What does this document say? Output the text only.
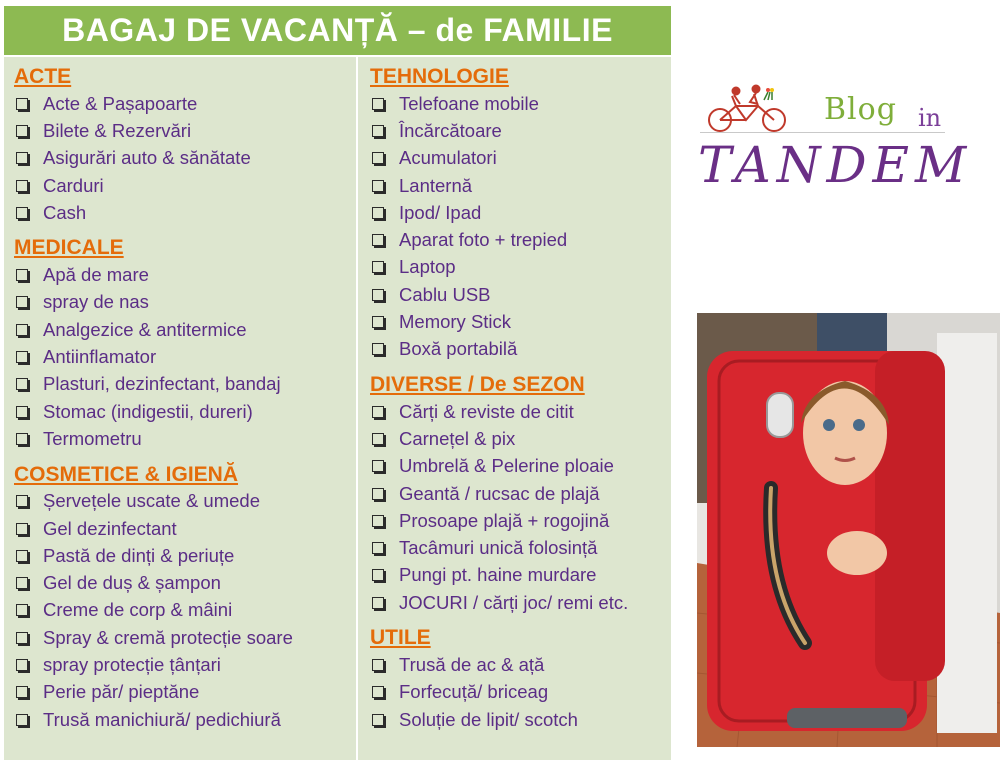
BAGAJ DE VACANȚĂ – de FAMILIE
ACTE
Acte & Pașapoarte
Bilete & Rezervări
Asigurări auto & sănătate
Carduri
Cash
MEDICALE
Apă de mare
spray de nas
Analgezice & antitermice
Antiinflamator
Plasturi, dezinfectant, bandaj
Stomac (indigestii, dureri)
Termometru
COSMETICE & IGIENĂ
Șervețele uscate & umede
Gel dezinfectant
Pastă de dinți & periuțe
Gel de duș & șampon
Creme de corp & mâini
Spray & cremă protecție soare
spray protecție țânțari
Perie păr/ pieptăne
Trusă manichiură/ pedichiură
TEHNOLOGIE
Telefoane mobile
Încărcătoare
Acumulatori
Lanternă
Ipod/ Ipad
Aparat foto + trepied
Laptop
Cablu USB
Memory Stick
Boxă portabilă
DIVERSE / De SEZON
Cărți & reviste de citit
Carnețel & pix
Umbrelă & Pelerine ploaie
Geantă / rucsac de plajă
Prosoape plajă + rogojină
Tacâmuri unică folosință
Pungi pt. haine murdare
JOCURI / cărți joc/ remi etc.
UTILE
Trusă de ac & ață
Forfecuță/ briceag
Soluție de lipit/ scotch
Blog in
TANDEM
